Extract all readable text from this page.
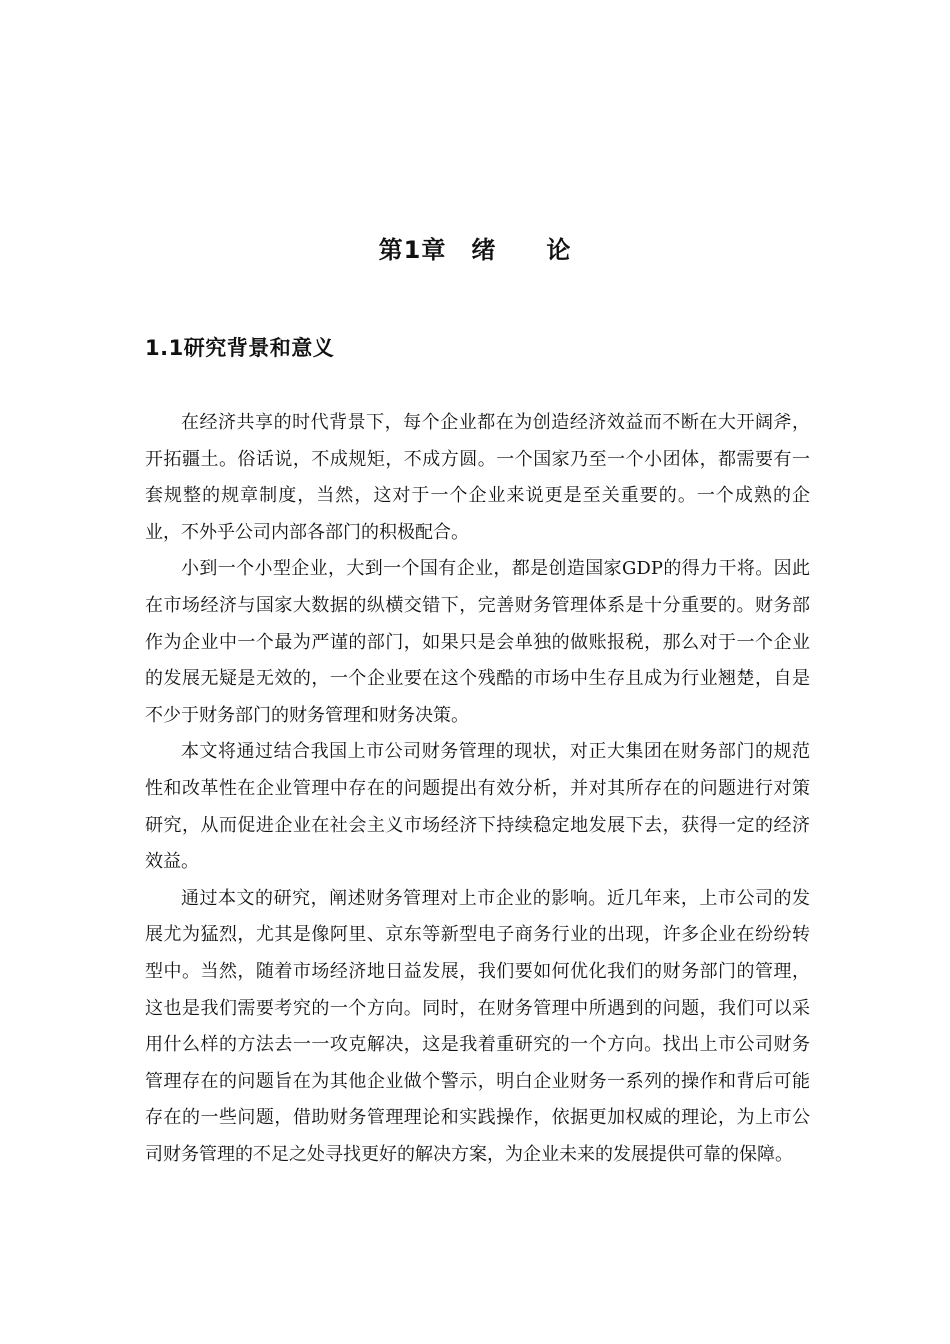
第1章　绪　　论
1.1研究背景和意义

在经济共享的时代背景下，每个企业都在为创造经济效益而不断在大开阔斧，开拓疆土。俗话说，不成规矩，不成方圆。一个国家乃至一个小团体，都需要有一套规整的规章制度，当然，这对于一个企业来说更是至关重要的。一个成熟的企业，不外乎公司内部各部门的积极配合。

小到一个小型企业，大到一个国有企业，都是创造国家GDP的得力干将。因此在市场经济与国家大数据的纵横交错下，完善财务管理体系是十分重要的。财务部作为企业中一个最为严谨的部门，如果只是会单独的做账报税，那么对于一个企业的发展无疑是无效的，一个企业要在这个残酷的市场中生存且成为行业翘楚，自是不少于财务部门的财务管理和财务决策。

本文将通过结合我国上市公司财务管理的现状，对正大集团在财务部门的规范性和改革性在企业管理中存在的问题提出有效分析，并对其所存在的问题进行对策研究，从而促进企业在社会主义市场经济下持续稳定地发展下去，获得一定的经济效益。

通过本文的研究，阐述财务管理对上市企业的影响。近几年来，上市公司的发展尤为猛烈，尤其是像阿里、京东等新型电子商务行业的出现，许多企业在纷纷转型中。当然，随着市场经济地日益发展，我们要如何优化我们的财务部门的管理，这也是我们需要考究的一个方向。同时，在财务管理中所遇到的问题，我们可以采用什么样的方法去一一攻克解决，这是我着重研究的一个方向。找出上市公司财务管理存在的问题旨在为其他企业做个警示，明白企业财务一系列的操作和背后可能存在的一些问题，借助财务管理理论和实践操作，依据更加权威的理论，为上市公司财务管理的不足之处寻找更好的解决方案，为企业未来的发展提供可靠的保障。
